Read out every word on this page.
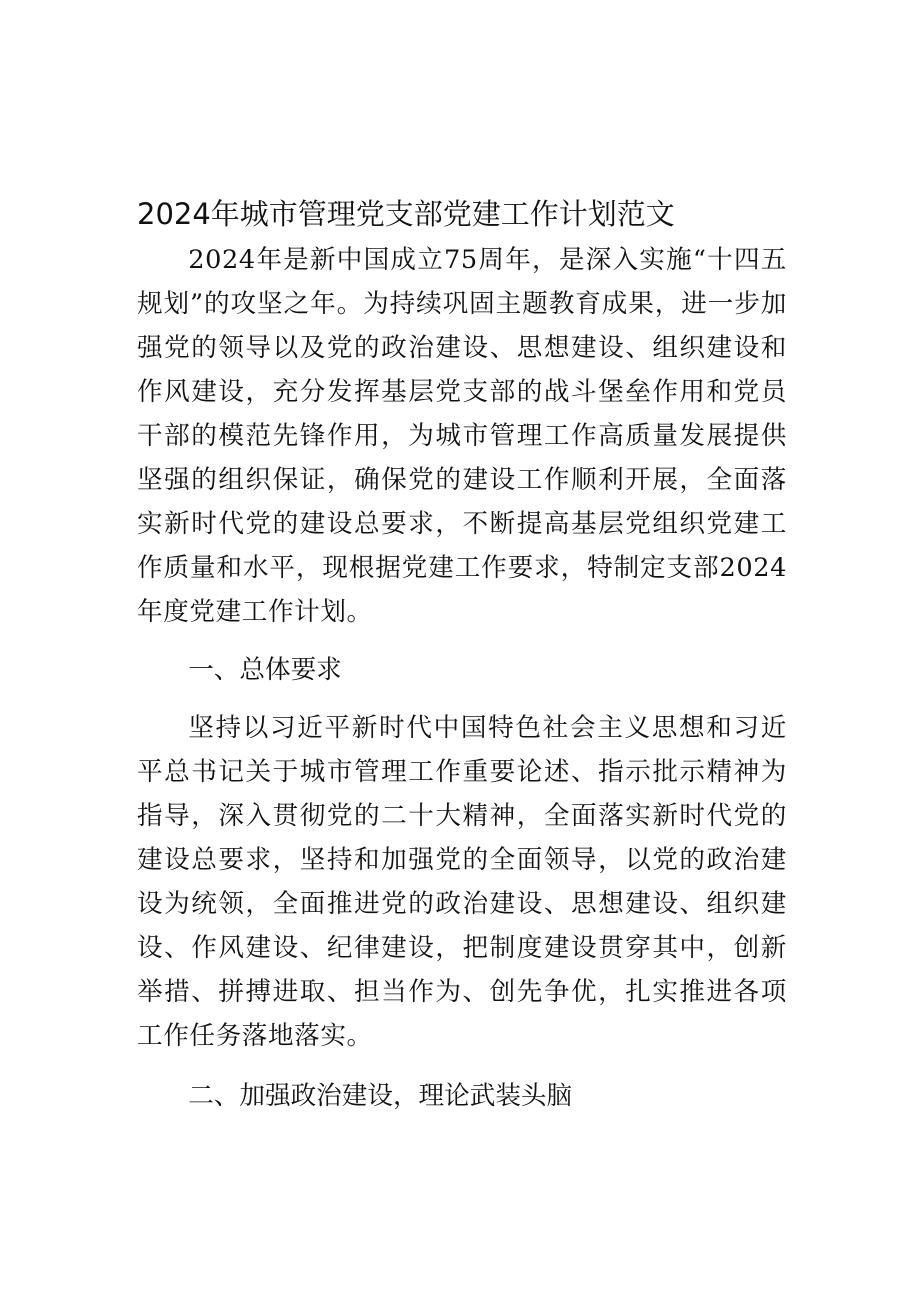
2024年城市管理党支部党建工作计划范文

2024年是新中国成立75周年，是深入实施“十四五规划”的攻坚之年。为持续巩固主题教育成果，进一步加强党的领导以及党的政治建设、思想建设、组织建设和作风建设，充分发挥基层党支部的战斗堡垒作用和党员干部的模范先锋作用，为城市管理工作高质量发展提供坚强的组织保证，确保党的建设工作顺利开展，全面落实新时代党的建设总要求，不断提高基层党组织党建工作质量和水平，现根据党建工作要求，特制定支部2024年度党建工作计划。

一、总体要求

坚持以习近平新时代中国特色社会主义思想和习近平总书记关于城市管理工作重要论述、指示批示精神为指导，深入贯彻党的二十大精神，全面落实新时代党的建设总要求，坚持和加强党的全面领导，以党的政治建设为统领，全面推进党的政治建设、思想建设、组织建设、作风建设、纪律建设，把制度建设贯穿其中，创新举措、拼搏进取、担当作为、创先争优，扎实推进各项工作任务落地落实。

二、加强政治建设，理论武装头脑
